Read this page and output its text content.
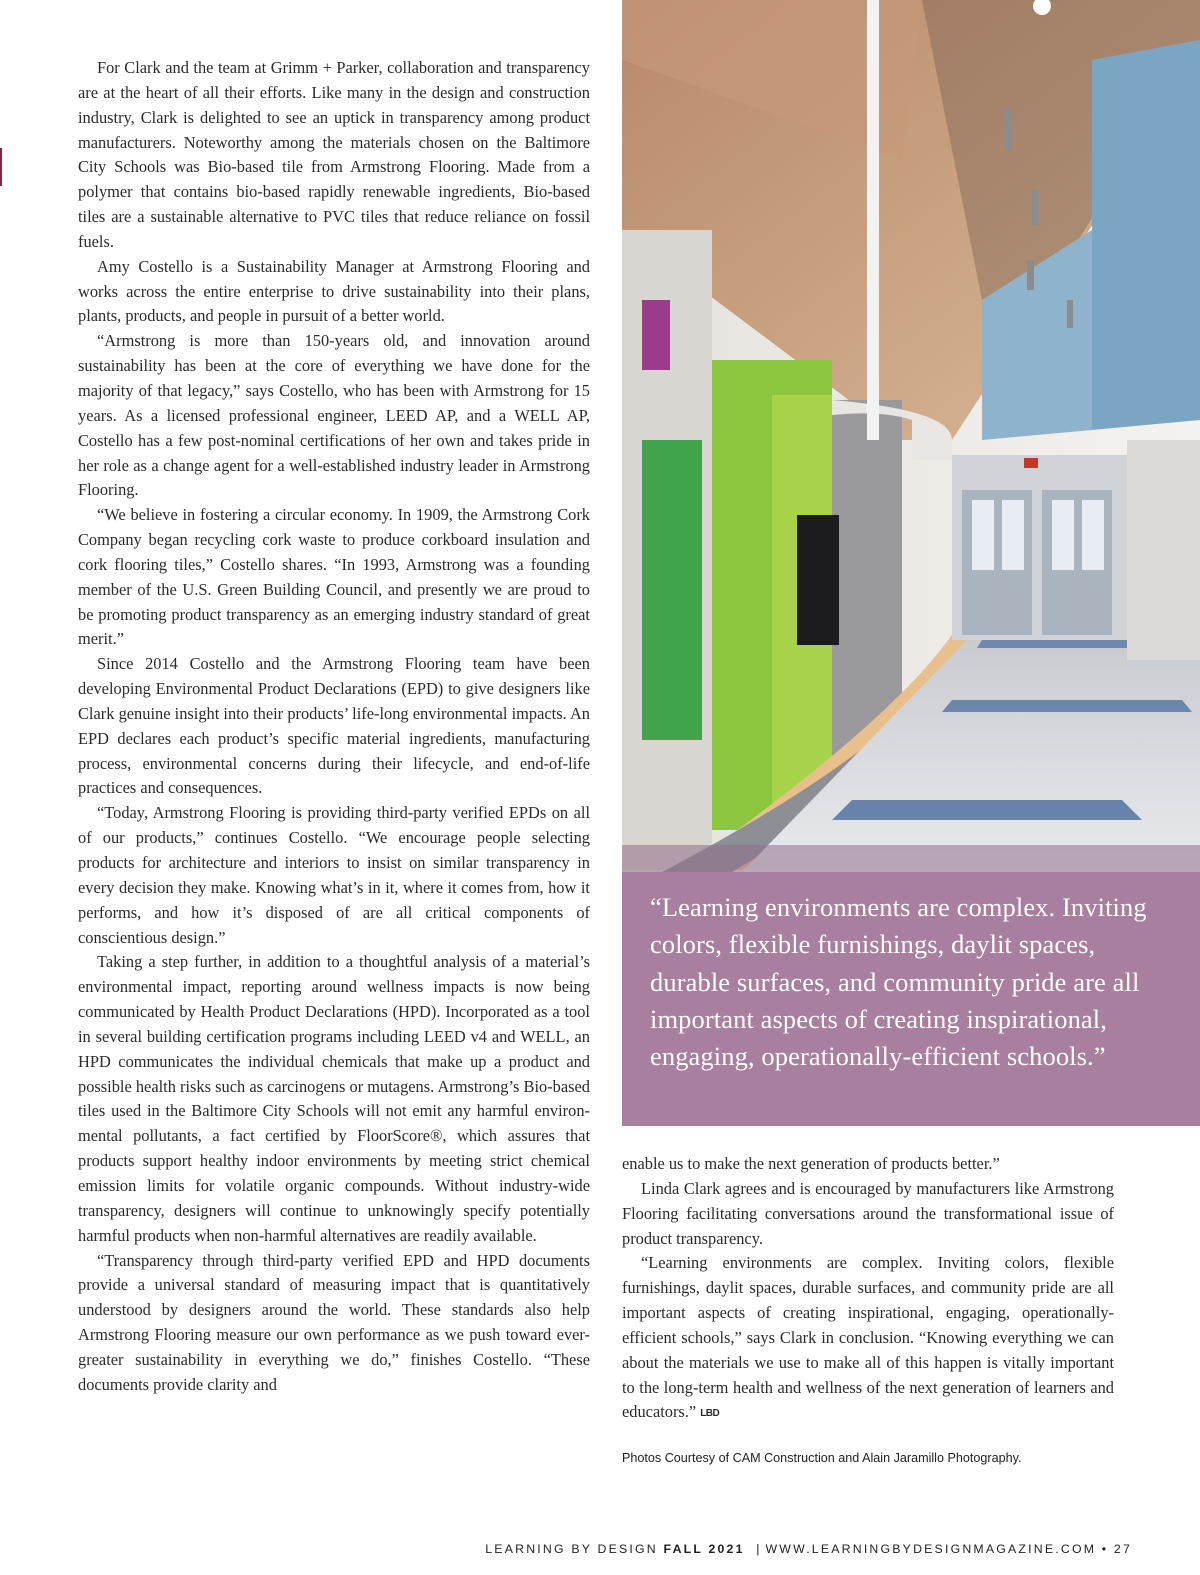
For Clark and the team at Grimm + Parker, collaboration and transparency are at the heart of all their efforts. Like many in the design and construction industry, Clark is delighted to see an uptick in transparency among product manufacturers. Noteworthy among the materials chosen on the Baltimore City Schools was Bio-based tile from Armstrong Flooring. Made from a polymer that contains bio-based rapidly renewable ingredients, Bio-based tiles are a sustainable alternative to PVC tiles that reduce reliance on fossil fuels.

Amy Costello is a Sustainability Manager at Armstrong Flooring and works across the entire enterprise to drive sustainability into their plans, plants, products, and people in pursuit of a better world.

“Armstrong is more than 150-years old, and innovation around sustainability has been at the core of everything we have done for the majority of that legacy,” says Costello, who has been with Armstrong for 15 years. As a licensed professional engineer, LEED AP, and a WELL AP, Costello has a few post-nominal certifications of her own and takes pride in her role as a change agent for a well-established industry leader in Armstrong Flooring.

“We believe in fostering a circular economy. In 1909, the Armstrong Cork Company began recycling cork waste to produce corkboard insulation and cork flooring tiles,” Costello shares. “In 1993, Armstrong was a founding member of the U.S. Green Building Council, and presently we are proud to be promoting product transparency as an emerging industry standard of great merit.”

Since 2014 Costello and the Armstrong Flooring team have been developing Environmental Product Declarations (EPD) to give designers like Clark genuine insight into their products’ life-long environmental impacts. An EPD declares each product’s specific material ingredients, manufacturing process, environmental concerns during their lifecycle, and end-of-life practices and consequences.

“Today, Armstrong Flooring is providing third-party verified EPDs on all of our products,” continues Costello. “We encourage people selecting products for architecture and interiors to insist on similar transparency in every decision they make. Knowing what’s in it, where it comes from, how it performs, and how it’s disposed of are all critical components of conscientious design.”

Taking a step further, in addition to a thoughtful analysis of a material’s environmental impact, reporting around wellness impacts is now being communicated by Health Product Declarations (HPD). Incorporated as a tool in several building certification programs including LEED v4 and WELL, an HPD communicates the individual chemicals that make up a product and possible health risks such as carcinogens or mutagens. Armstrong’s Bio-based tiles used in the Baltimore City Schools will not emit any harmful environmental pollutants, a fact certified by FloorScore®, which assures that products support healthy indoor environments by meeting strict chemical emission limits for volatile organic compounds. Without industry-wide transparency, designers will continue to unknowingly specify potentially harmful products when non-harmful alternatives are readily available.

“Transparency through third-party verified EPD and HPD documents provide a universal standard of measuring impact that is quantitatively understood by designers around the world. These standards also help Armstrong Flooring measure our own performance as we push toward ever-greater sustainability in everything we do,” finishes Costello. “These documents provide clarity and

“Learning environments are complex. Inviting colors, flexible furnishings, daylit spaces, durable surfaces, and community pride are all important aspects of creating inspirational, engaging, operationally-efficient schools.”

enable us to make the next generation of products better.”

Linda Clark agrees and is encouraged by manufacturers like Armstrong Flooring facilitating conversations around the transformational issue of product transparency.

“Learning environments are complex. Inviting colors, flexible furnishings, daylit spaces, durable surfaces, and community pride are all important aspects of creating inspirational, engaging, operationally-efficient schools,” says Clark in conclusion. “Knowing everything we can about the materials we use to make all of this happen is vitally important to the long-term health and wellness of the next generation of learners and educators.” LBD

Photos Courtesy of CAM Construction and Alain Jaramillo Photography.
LEARNING BY DESIGN FALL 2021 | WWW.LEARNINGBYDESIGNMAGAZINE.COM • 27
